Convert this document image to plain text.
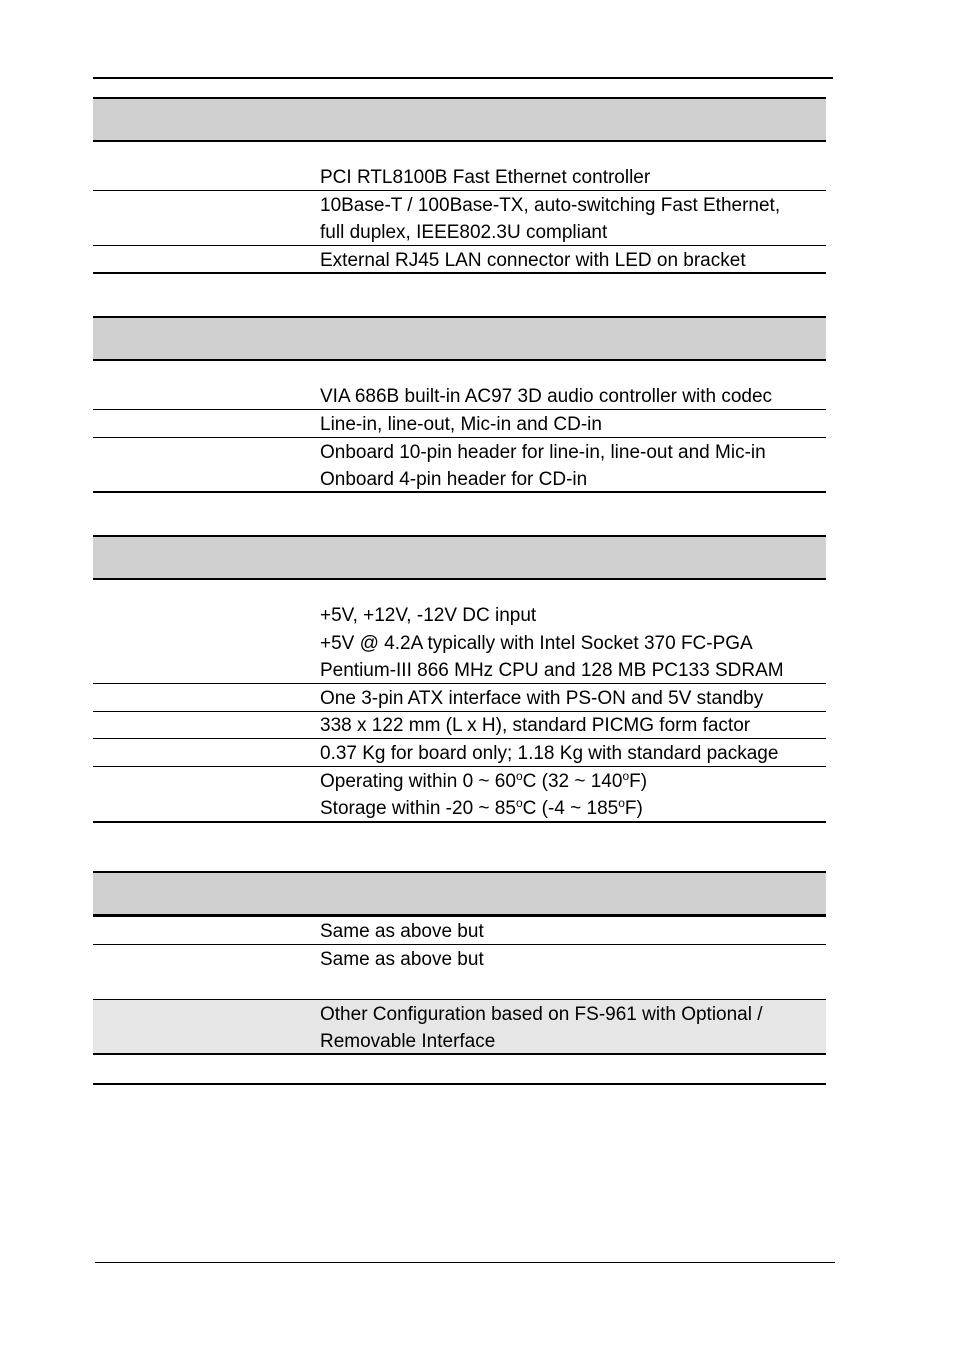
PCI RTL8100B Fast Ethernet controller
10Base-T / 100Base-TX, auto-switching Fast Ethernet,
full duplex, IEEE802.3U compliant
External RJ45 LAN connector with LED on bracket
VIA 686B built-in AC97 3D audio controller with codec
Line-in, line-out, Mic-in and CD-in
Onboard 10-pin header for line-in, line-out and Mic-in
Onboard 4-pin header for CD-in
+5V, +12V, -12V DC input
+5V @ 4.2A typically with Intel Socket 370 FC-PGA
Pentium-III 866 MHz CPU and 128 MB PC133 SDRAM
One 3-pin ATX interface with PS-ON and 5V standby
338 x 122 mm (L x H), standard PICMG form factor
0.37 Kg for board only; 1.18 Kg with standard package
Operating within 0 ~ 60$^o$C (32 ~ 140$^o$F)
Storage within -20 ~ 85$^o$C (-4 ~ 185$^o$F)
Same as above but
Same as above but
Other Configuration based on FS-961 with Optional /
Removable Interface
